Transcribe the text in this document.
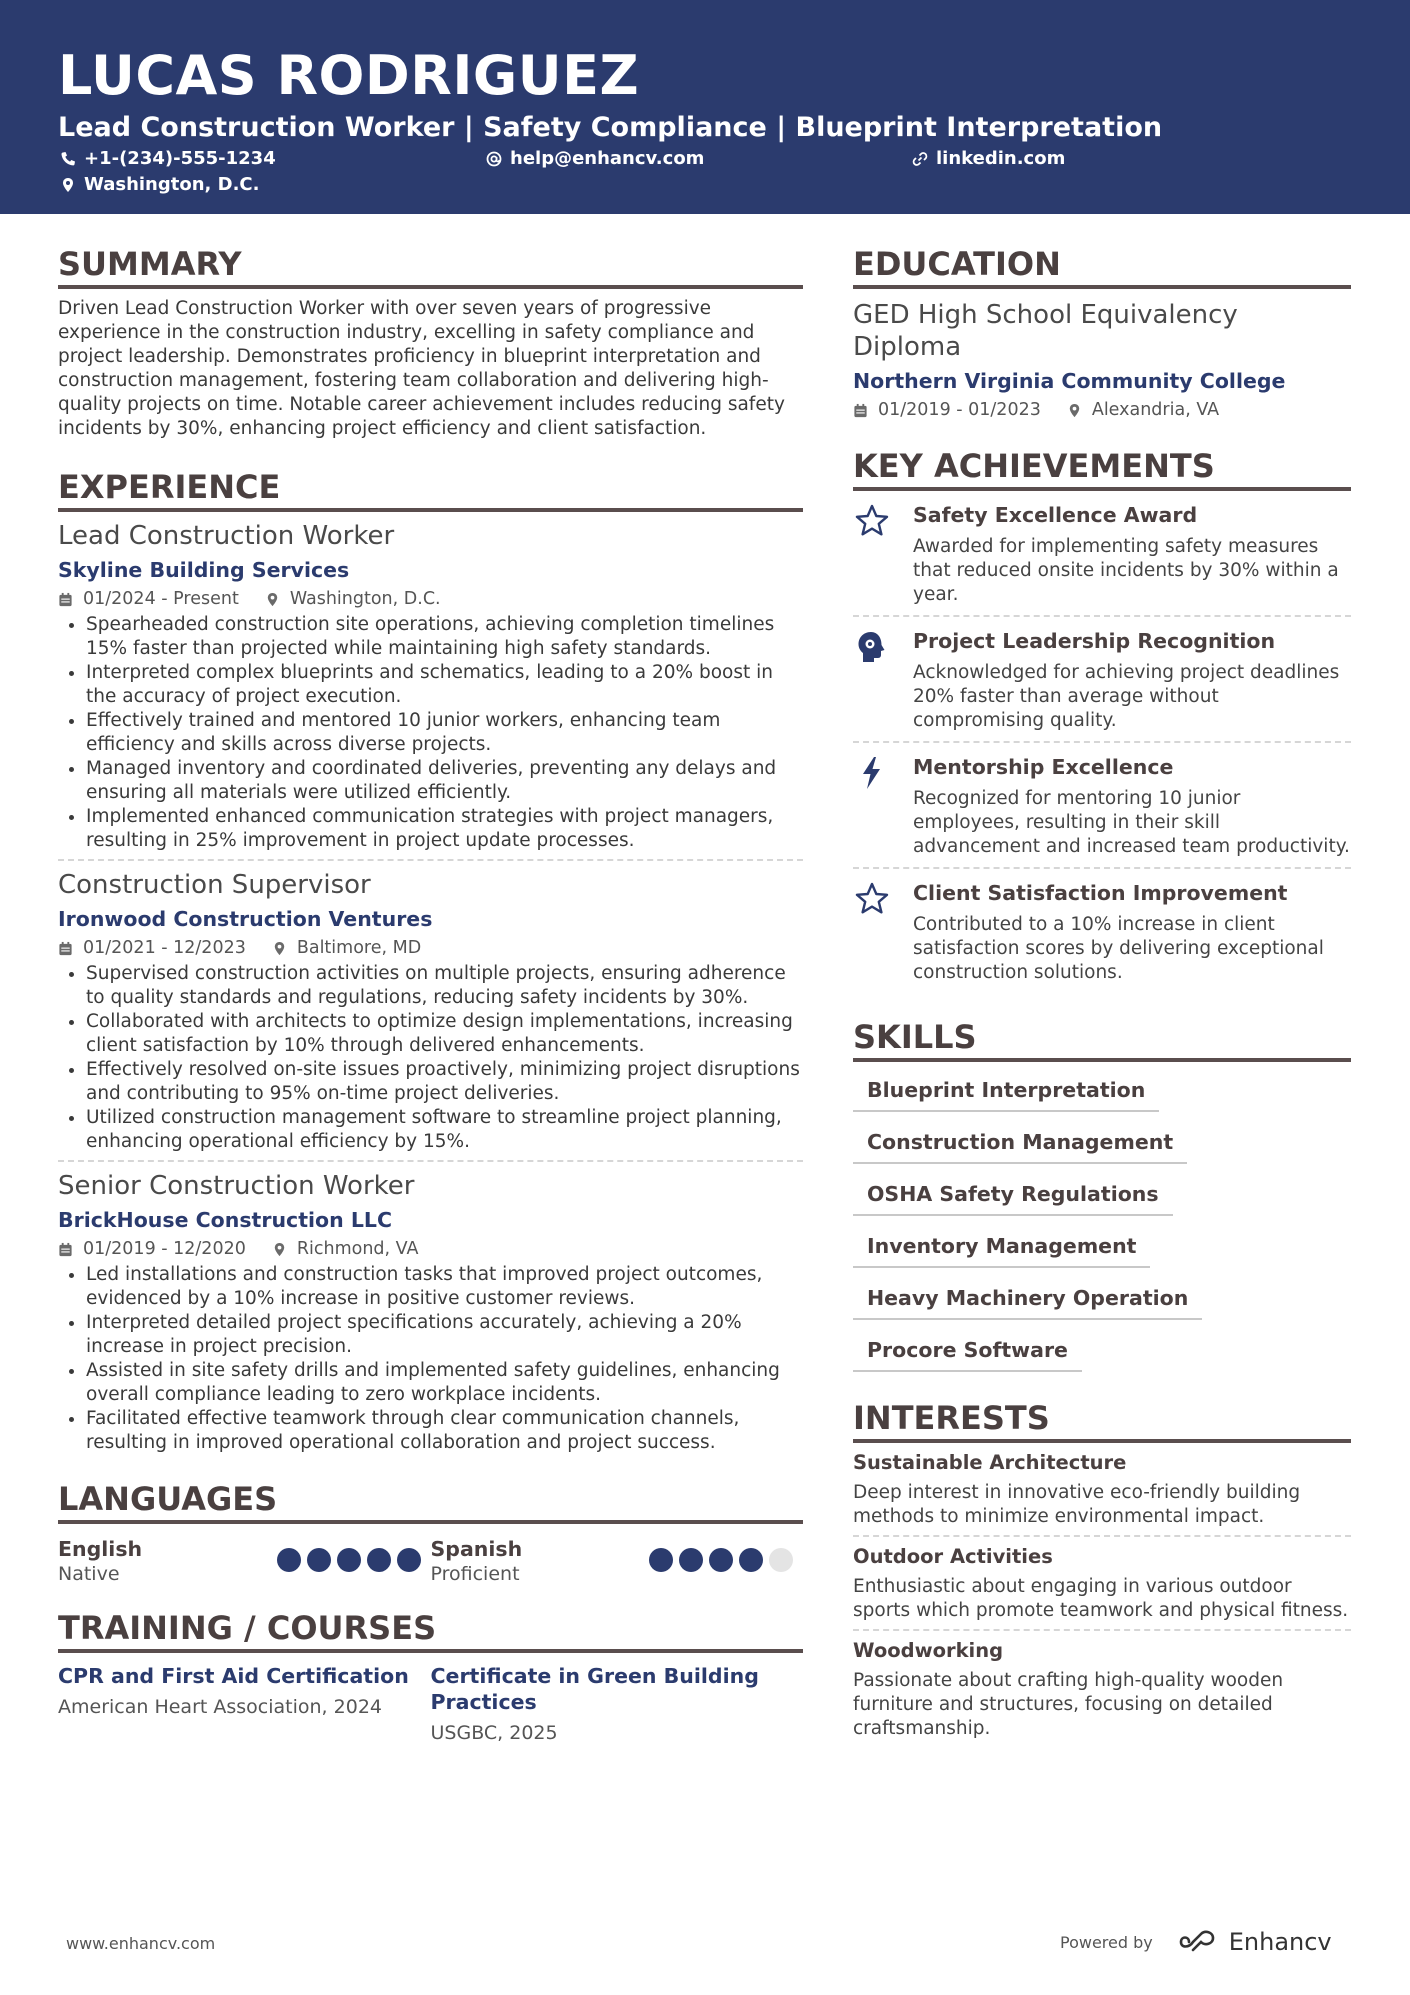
LUCAS RODRIGUEZ
Lead Construction Worker | Safety Compliance | Blueprint Interpretation
+1-(234)-555-1234	help@enhancv.com	linkedin.com
Washington, D.C.
SUMMARY

Driven Lead Construction Worker with over seven years of progressive experience in the construction industry, excelling in safety compliance and project leadership. Demonstrates proficiency in blueprint interpretation and construction management, fostering team collaboration and delivering high-quality projects on time. Notable career achievement includes reducing safety incidents by 30%, enhancing project efficiency and client satisfaction.

EXPERIENCE
Lead Construction Worker
Skyline Building Services
01/2024 - Present	Washington, D.C.
• Spearheaded construction site operations, achieving completion timelines 15% faster than projected while maintaining high safety standards.
• Interpreted complex blueprints and schematics, leading to a 20% boost in the accuracy of project execution.
• Effectively trained and mentored 10 junior workers, enhancing team efficiency and skills across diverse projects.
• Managed inventory and coordinated deliveries, preventing any delays and ensuring all materials were utilized efficiently.
• Implemented enhanced communication strategies with project managers, resulting in 25% improvement in project update processes.
Construction Supervisor
Ironwood Construction Ventures
01/2021 - 12/2023	Baltimore, MD
• Supervised construction activities on multiple projects, ensuring adherence to quality standards and regulations, reducing safety incidents by 30%.
• Collaborated with architects to optimize design implementations, increasing client satisfaction by 10% through delivered enhancements.
• Effectively resolved on-site issues proactively, minimizing project disruptions and contributing to 95% on-time project deliveries.
• Utilized construction management software to streamline project planning, enhancing operational efficiency by 15%.
Senior Construction Worker
BrickHouse Construction LLC
01/2019 - 12/2020	Richmond, VA
• Led installations and construction tasks that improved project outcomes, evidenced by a 10% increase in positive customer reviews.
• Interpreted detailed project specifications accurately, achieving a 20% increase in project precision.
• Assisted in site safety drills and implemented safety guidelines, enhancing overall compliance leading to zero workplace incidents.
• Facilitated effective teamwork through clear communication channels, resulting in improved operational collaboration and project success.
LANGUAGES
English
Native
Spanish
Proficient
TRAINING / COURSES
CPR and First Aid Certification
American Heart Association, 2024
Certificate in Green Building Practices
USGBC, 2025
EDUCATION
GED High School Equivalency Diploma
Northern Virginia Community College
01/2019 - 01/2023	Alexandria, VA
KEY ACHIEVEMENTS
Safety Excellence Award
Awarded for implementing safety measures that reduced onsite incidents by 30% within a year.
Project Leadership Recognition
Acknowledged for achieving project deadlines 20% faster than average without compromising quality.
Mentorship Excellence
Recognized for mentoring 10 junior employees, resulting in their skill advancement and increased team productivity.
Client Satisfaction Improvement
Contributed to a 10% increase in client satisfaction scores by delivering exceptional construction solutions.
SKILLS
Blueprint Interpretation
Construction Management
OSHA Safety Regulations
Inventory Management
Heavy Machinery Operation
Procore Software
INTERESTS
Sustainable Architecture
Deep interest in innovative eco-friendly building methods to minimize environmental impact.
Outdoor Activities
Enthusiastic about engaging in various outdoor sports which promote teamwork and physical fitness.
Woodworking
Passionate about crafting high-quality wooden furniture and structures, focusing on detailed craftsmanship.
www.enhancv.com	Powered by	Enhancv
